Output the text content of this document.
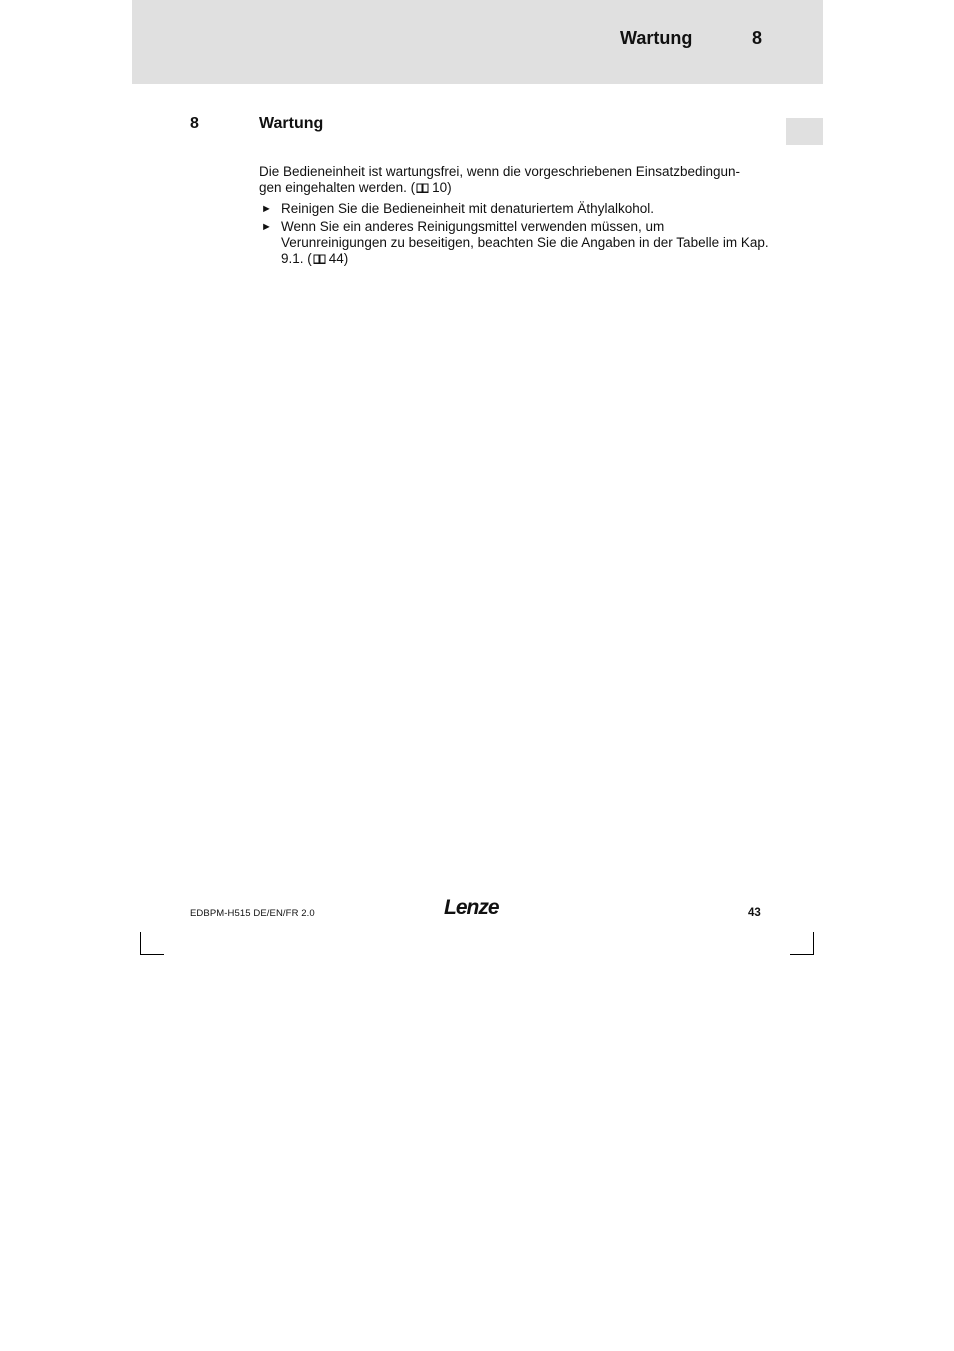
Wartung	8
8	Wartung

Die Bedieneinheit ist wartungsfrei, wenn die vorgeschriebenen Einsatzbedingun-

gen eingehalten werden. ( 10)

► Reinigen Sie die Bedieneinheit mit denaturiertem Äthylalkohol.
► Wenn Sie ein anderes Reinigungsmittel verwenden müssen, um Verunreinigungen zu beseitigen, beachten Sie die Angaben in der Tabelle im Kap. 9.1. ( 44)
EDBPM-H515 DE/EN/FR 2.0	Lenze	43
